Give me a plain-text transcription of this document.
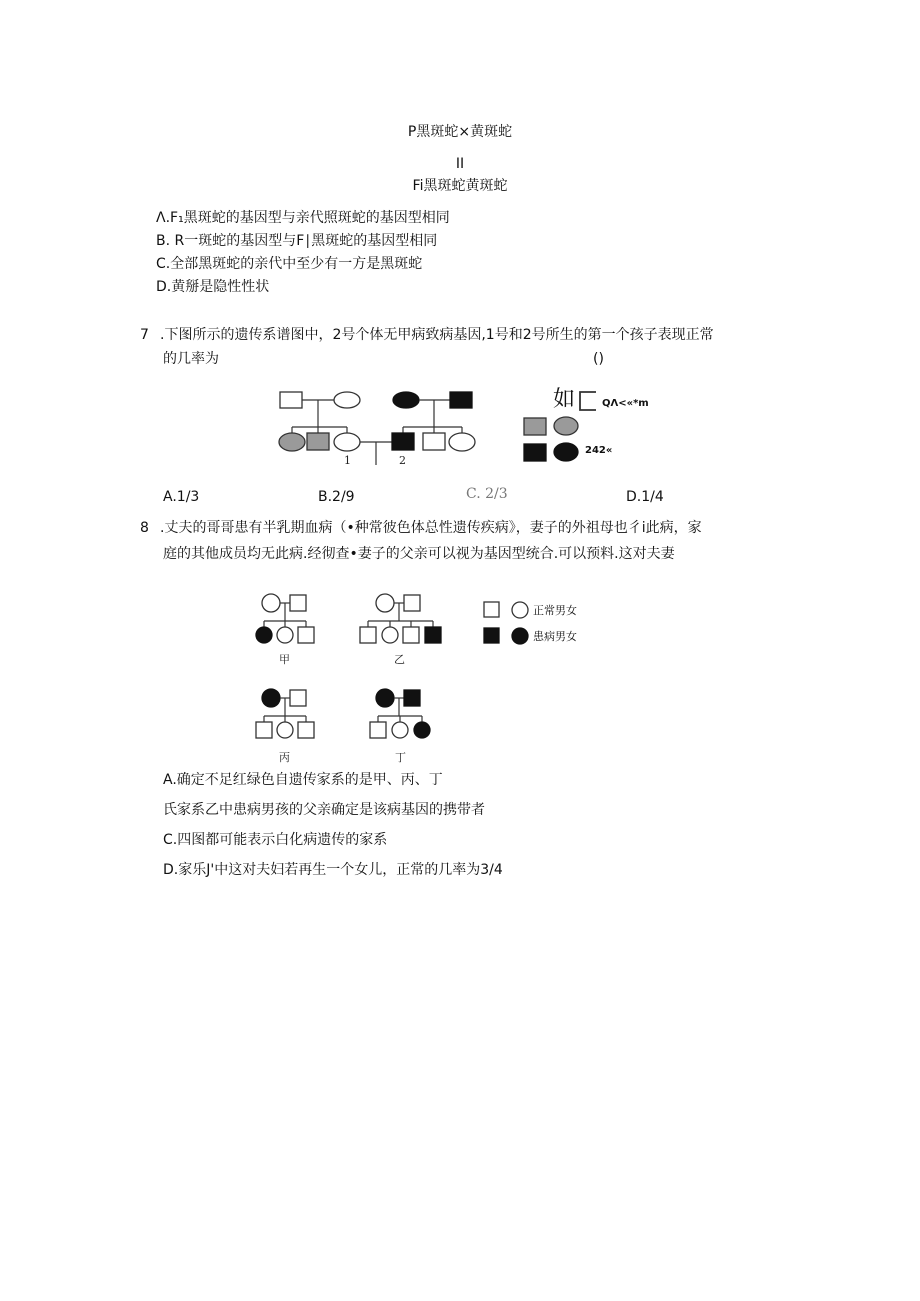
P黑斑蛇×黄斑蛇
II
Fi黑斑蛇黄斑蛇
Λ.F₁黑斑蛇的基因型与亲代照斑蛇的基因型相同
B. R一斑蛇的基因型与F∣黑斑蛇的基因型相同
C.全部黑斑蛇的亲代中至少有一方是黑斑蛇
D.黄掰是隐性性状
7 .下图所示的遗传系谱图中，2号个体无甲病致病基因,1号和2号所生的第一个孩子表现正常
的几率为	()
1	2
如	QΛ<«*m
242«
A.1/3	B.2/9	C. 2/3	D.1/4
8 .丈夫的哥哥患有半乳期血病（•种常彼色体总性遗传疾病》，妻子的外祖母也彳i此病，家
庭的其他成员均无此病.经彻查•妻子的父亲可以视为基因型统合.可以预料.这对夫妻
甲	乙
正常男女
患病男女
丙	丁
A.确定不足红绿色自遗传家系的是甲、丙、丁
氏家系乙中患病男孩的父亲确定是该病基因的携带者
C.四图都可能表示白化病遗传的家系
D.家乐J'中这对夫妇若再生一个女儿，正常的几率为3/4
